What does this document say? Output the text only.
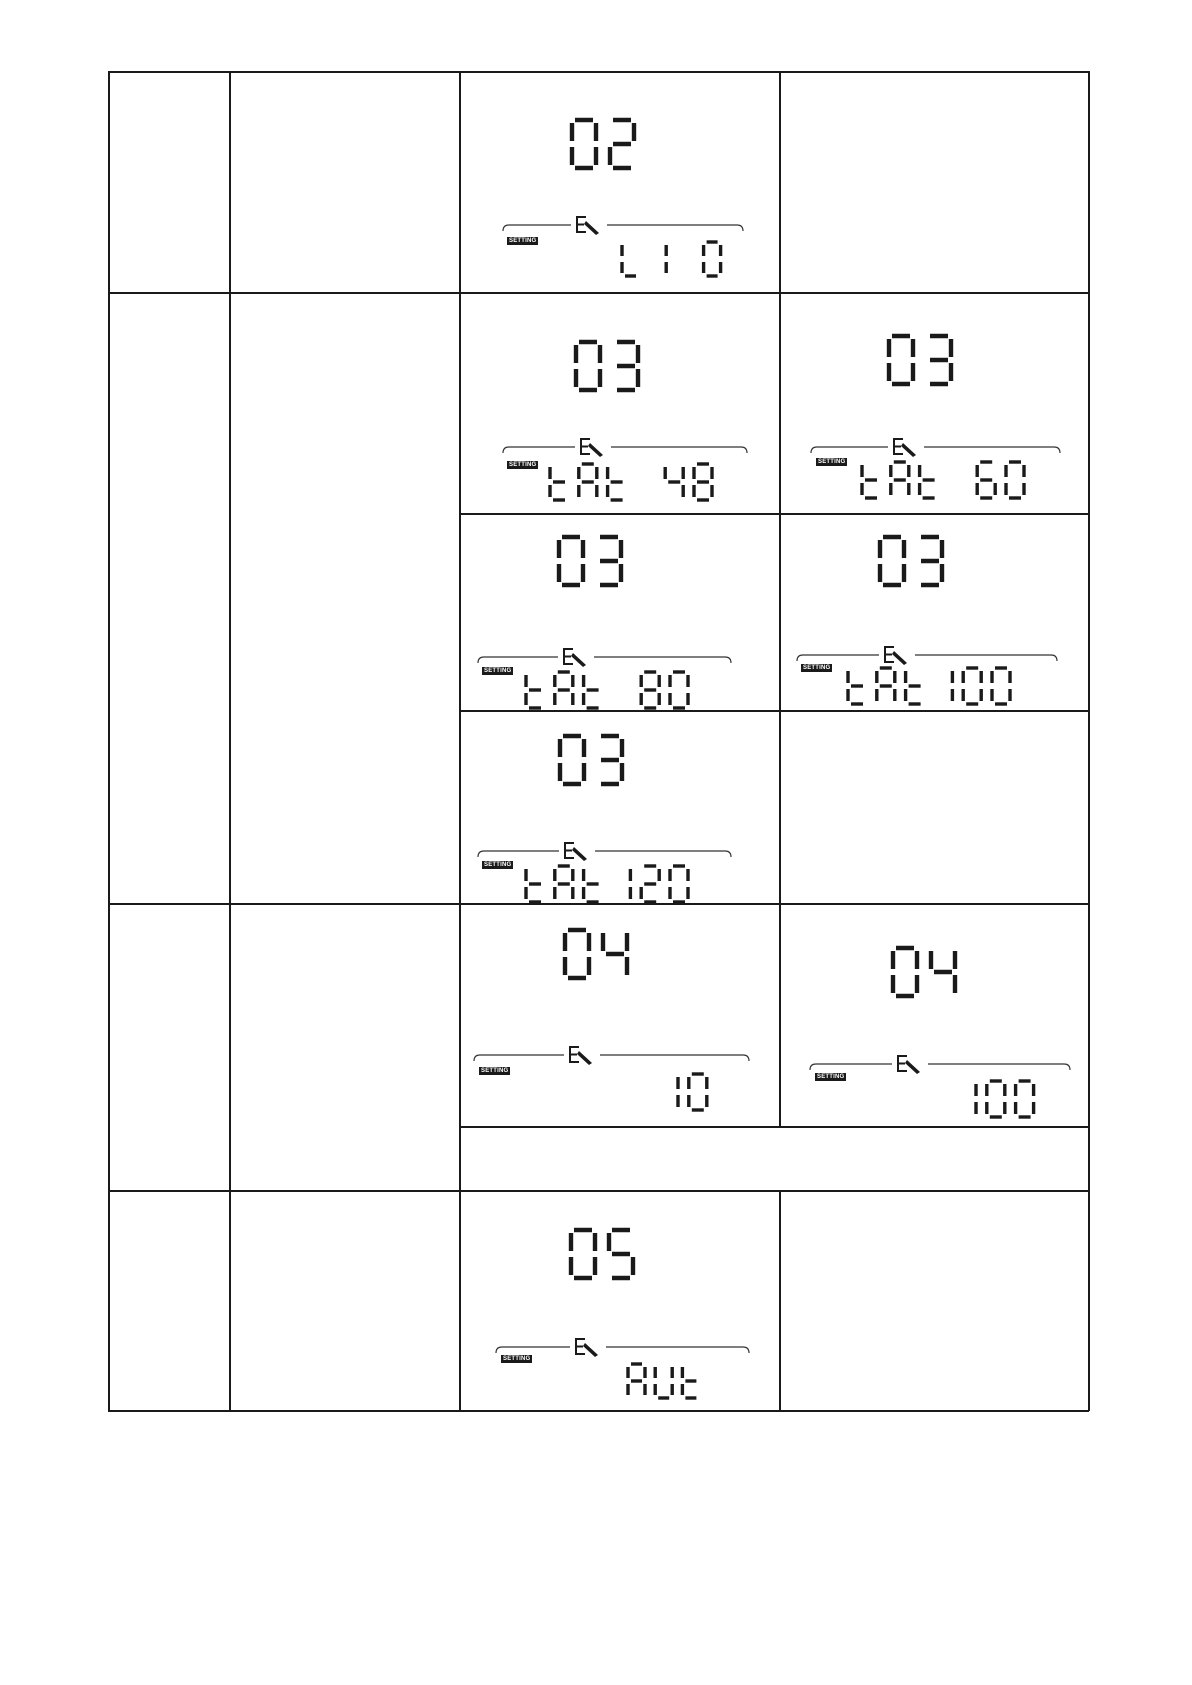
SETTING
SETTING	SETTING
SETTING	SETTING
SETTING
SETTING
SETTING
SETTING
